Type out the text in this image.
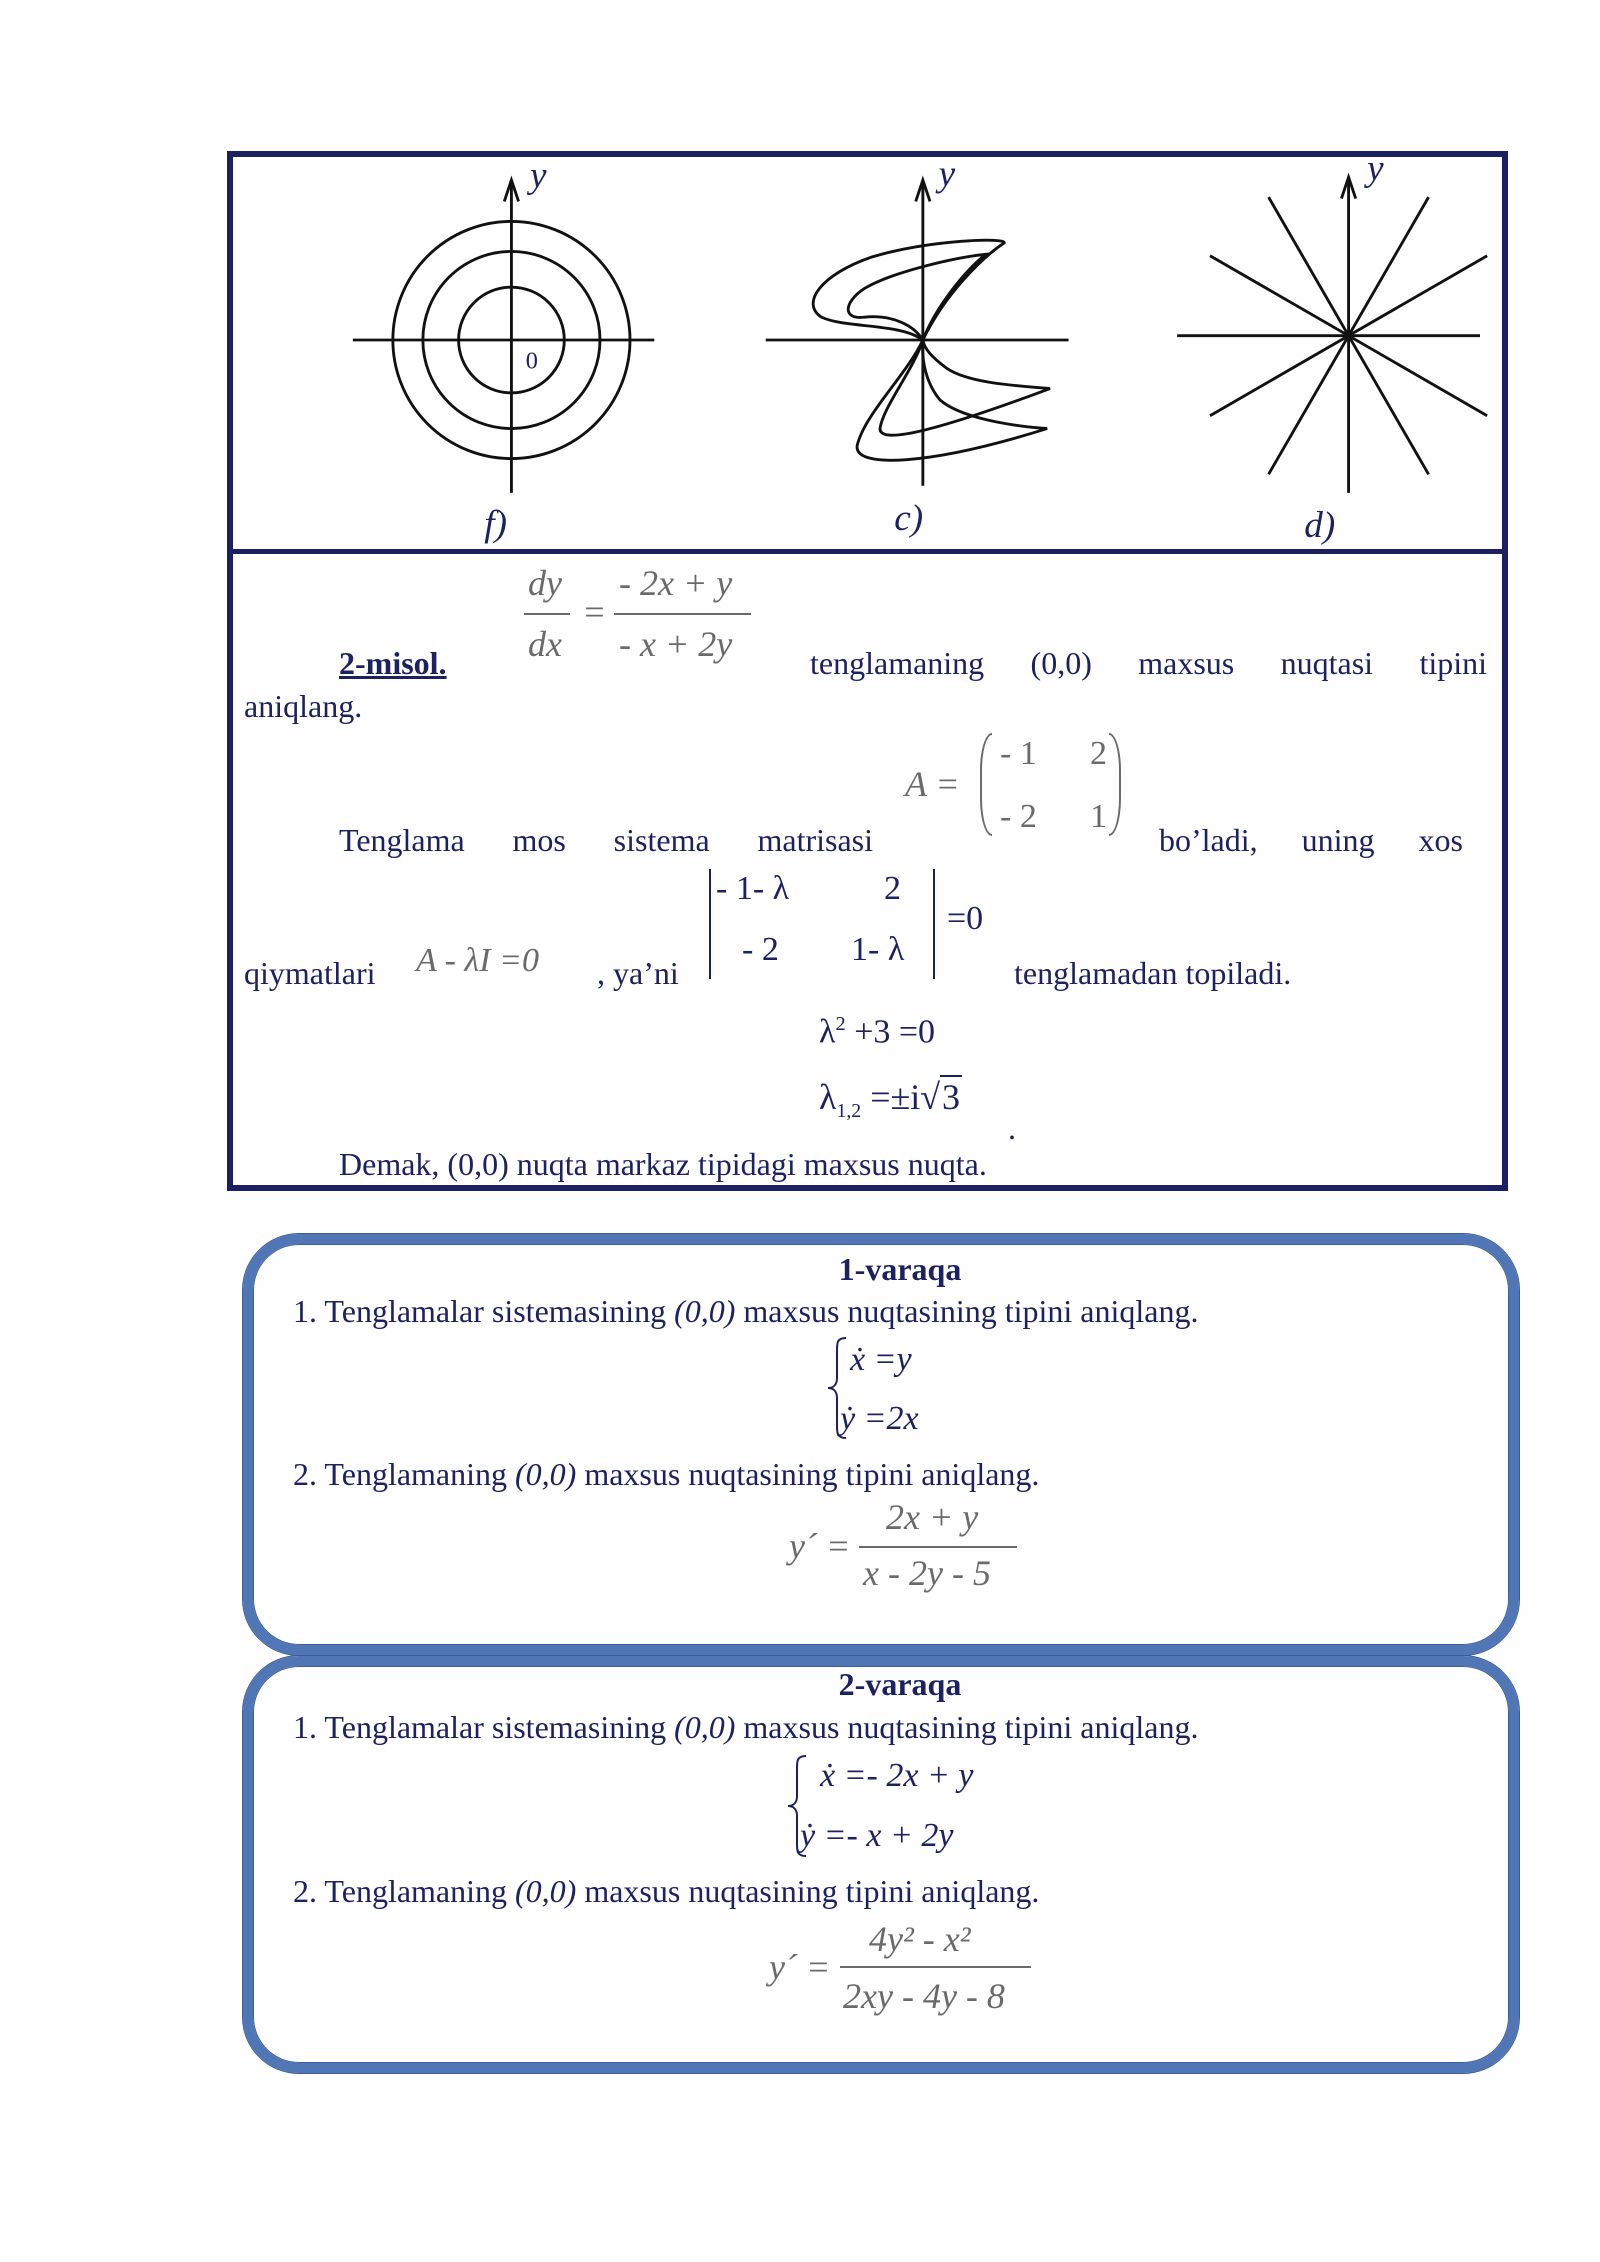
y
0
f)
y
c)
y
d)
2-misol.
dy
dx
=
- 2x + y
- x + 2y tenglamaning (0,0) maxsus nuqtasi tipini
aniqlang.
Tenglama mos sistema matrisasi
A =
- 1 2
- 2 1
bo’ladi, uning xos
qiymatlari A - λI =0 , ya’ni
- 1- λ	2
- 2 1- λ
=0
tenglamadan topiladi.
$\lambda^2 +3 =0$
$\lambda_{1,2} =\pm i√3$
.
Demak, (0,0) nuqta markaz tipidagi maxsus nuqta.
1-varaqa
1. Tenglamalar sistemasining (0,0) maxsus nuqtasining tipini aniqlang.
ẋ =y
ẏ =2x
2. Tenglamaning (0,0) maxsus nuqtasining tipini aniqlang.
y´ =
2x + y
x - 2y - 5
2-varaqa
1. Tenglamalar sistemasining (0,0) maxsus nuqtasining tipini aniqlang.
ẋ =- 2x + y
ẏ =- x + 2y
2. Tenglamaning (0,0) maxsus nuqtasining tipini aniqlang.
y´ =
4y² - x²
2xy - 4y - 8
